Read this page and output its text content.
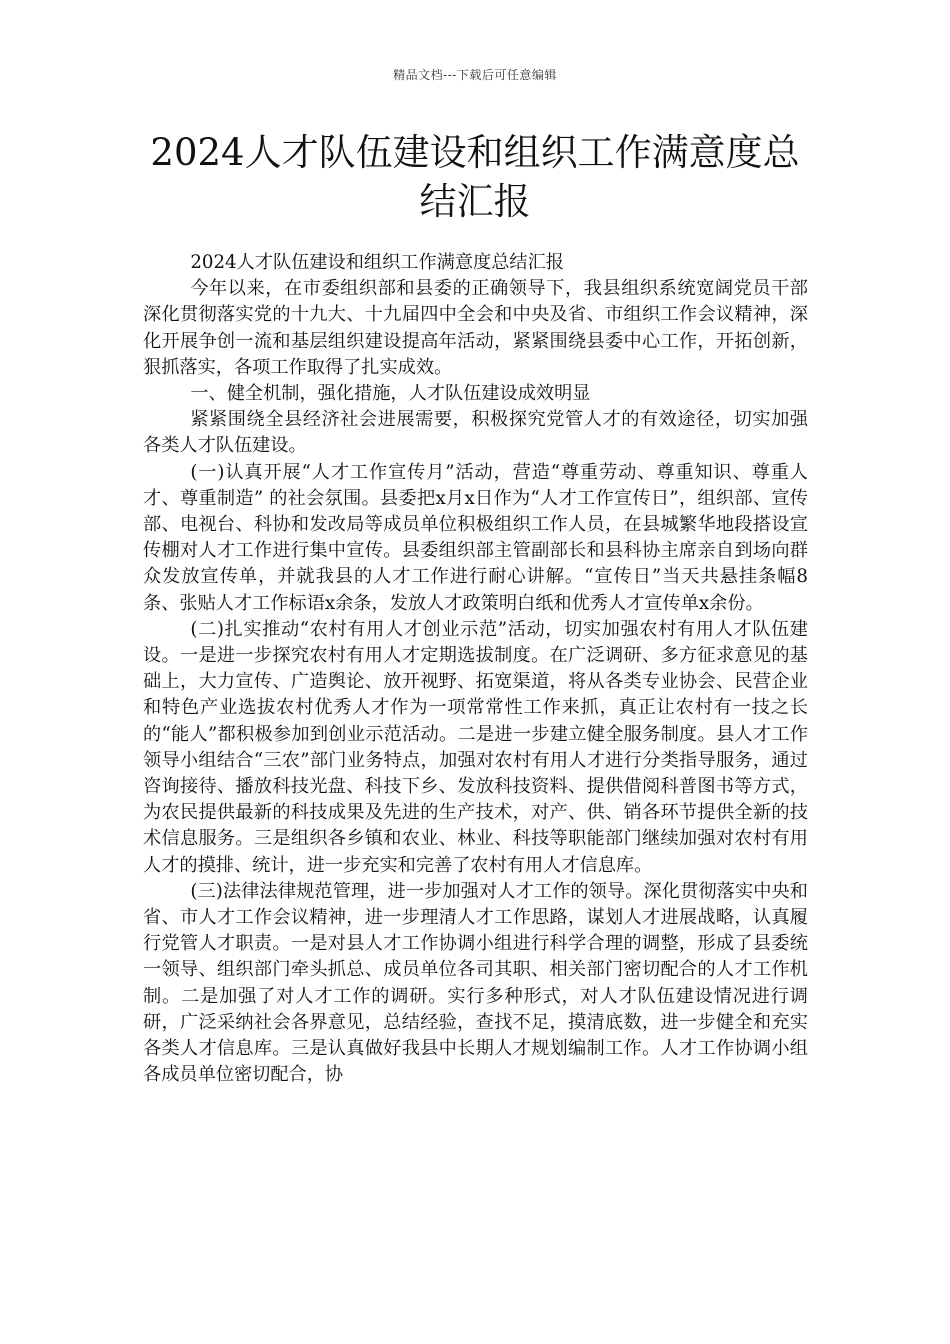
精品文档---下载后可任意编辑
2024人才队伍建设和组织工作满意度总结汇报

2024人才队伍建设和组织工作满意度总结汇报

今年以来，在市委组织部和县委的正确领导下，我县组织系统宽阔党员干部深化贯彻落实党的十九大、十九届四中全会和中央及省、市组织工作会议精神，深化开展争创一流和基层组织建设提高年活动，紧紧围绕县委中心工作，开拓创新，狠抓落实，各项工作取得了扎实成效。

一、健全机制，强化措施，人才队伍建设成效明显

紧紧围绕全县经济社会进展需要，积极探究党管人才的有效途径，切实加强各类人才队伍建设。

(一)认真开展“人才工作宣传月”活动，营造“尊重劳动、尊重知识、尊重人才、尊重制造” 的社会氛围。县委把x月x日作为“人才工作宣传日”，组织部、宣传部、电视台、科协和发改局等成员单位积极组织工作人员，在县城繁华地段搭设宣传棚对人才工作进行集中宣传。县委组织部主管副部长和县科协主席亲自到场向群众发放宣传单，并就我县的人才工作进行耐心讲解。“宣传日”当天共悬挂条幅8条、张贴人才工作标语x余条，发放人才政策明白纸和优秀人才宣传单x余份。

(二)扎实推动“农村有用人才创业示范”活动，切实加强农村有用人才队伍建设。一是进一步探究农村有用人才定期选拔制度。在广泛调研、多方征求意见的基础上，大力宣传、广造舆论、放开视野、拓宽渠道，将从各类专业协会、民营企业和特色产业选拔农村优秀人才作为一项常常性工作来抓，真正让农村有一技之长的“能人”都积极参加到创业示范活动。二是进一步建立健全服务制度。县人才工作领导小组结合“三农”部门业务特点，加强对农村有用人才进行分类指导服务，通过咨询接待、播放科技光盘、科技下乡、发放科技资料、提供借阅科普图书等方式，为农民提供最新的科技成果及先进的生产技术，对产、供、销各环节提供全新的技术信息服务。三是组织各乡镇和农业、林业、科技等职能部门继续加强对农村有用人才的摸排、统计，进一步充实和完善了农村有用人才信息库。

(三)法律法律规范管理，进一步加强对人才工作的领导。深化贯彻落实中央和省、市人才工作会议精神，进一步理清人才工作思路，谋划人才进展战略，认真履行党管人才职责。一是对县人才工作协调小组进行科学合理的调整，形成了县委统一领导、组织部门牵头抓总、成员单位各司其职、相关部门密切配合的人才工作机制。二是加强了对人才工作的调研。实行多种形式，对人才队伍建设情况进行调研，广泛采纳社会各界意见，总结经验，查找不足，摸清底数，进一步健全和充实各类人才信息库。三是认真做好我县中长期人才规划编制工作。人才工作协调小组各成员单位密切配合，协
